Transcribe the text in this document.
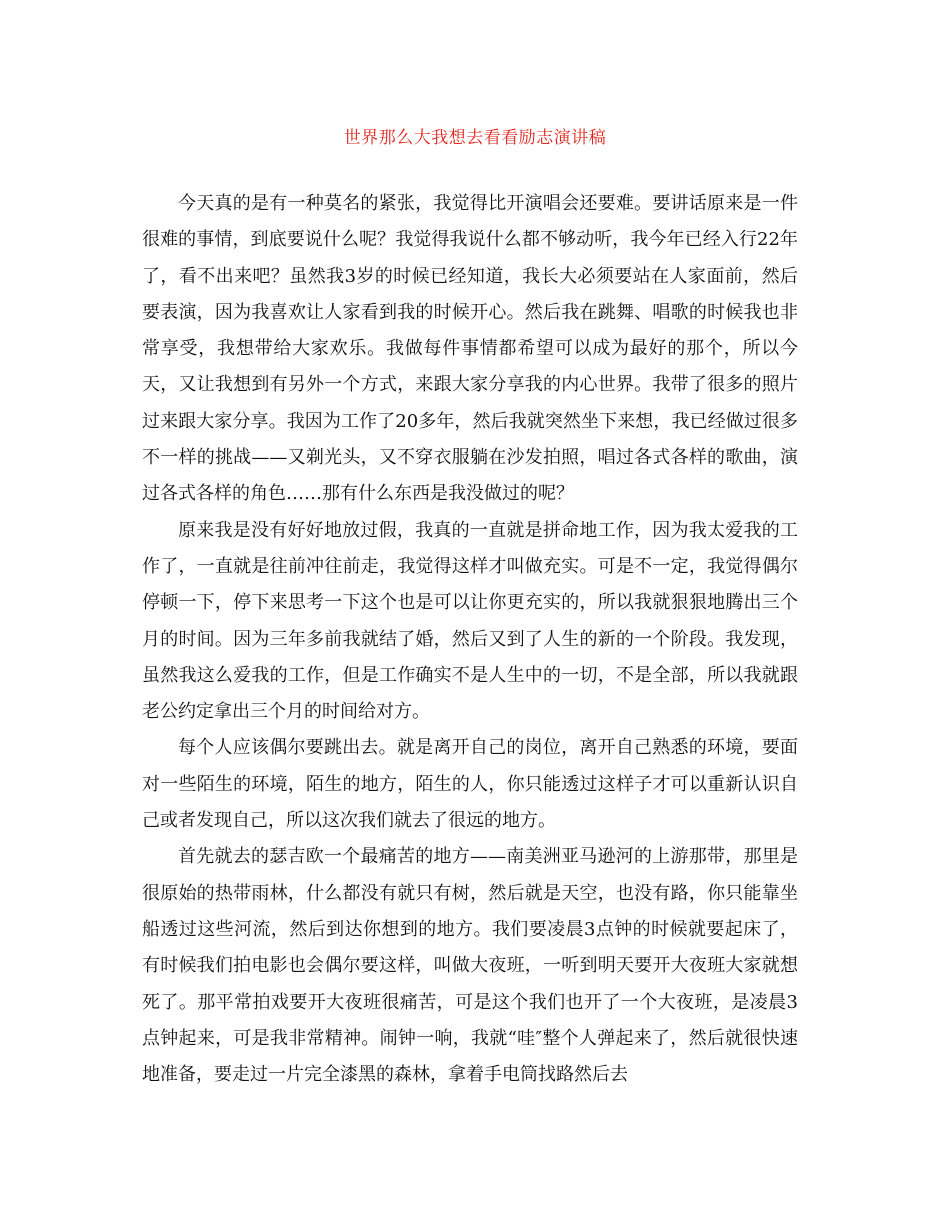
世界那么大我想去看看励志演讲稿

今天真的是有一种莫名的紧张，我觉得比开演唱会还要难。要讲话原来是一件很难的事情，到底要说什么呢？我觉得我说什么都不够动听，我今年已经入行22年了，看不出来吧？虽然我3岁的时候已经知道，我长大必须要站在人家面前，然后要表演，因为我喜欢让人家看到我的时候开心。然后我在跳舞、唱歌的时候我也非常享受，我想带给大家欢乐。我做每件事情都希望可以成为最好的那个，所以今天，又让我想到有另外一个方式，来跟大家分享我的内心世界。我带了很多的照片过来跟大家分享。我因为工作了20多年，然后我就突然坐下来想，我已经做过很多不一样的挑战——又剃光头，又不穿衣服躺在沙发拍照，唱过各式各样的歌曲，演过各式各样的角色……那有什么东西是我没做过的呢？

原来我是没有好好地放过假，我真的一直就是拼命地工作，因为我太爱我的工作了，一直就是往前冲往前走，我觉得这样才叫做充实。可是不一定，我觉得偶尔停顿一下，停下来思考一下这个也是可以让你更充实的，所以我就狠狠地腾出三个月的时间。因为三年多前我就结了婚，然后又到了人生的新的一个阶段。我发现，虽然我这么爱我的工作，但是工作确实不是人生中的一切，不是全部，所以我就跟老公约定拿出三个月的时间给对方。

每个人应该偶尔要跳出去。就是离开自己的岗位，离开自己熟悉的环境，要面对一些陌生的环境，陌生的地方，陌生的人，你只能透过这样子才可以重新认识自己或者发现自己，所以这次我们就去了很远的地方。

首先就去的瑟吉欧一个最痛苦的地方——南美洲亚马逊河的上游那带，那里是很原始的热带雨林，什么都没有就只有树，然后就是天空，也没有路，你只能靠坐船透过这些河流，然后到达你想到的地方。我们要凌晨3点钟的时候就要起床了，有时候我们拍电影也会偶尔要这样，叫做大夜班，一听到明天要开大夜班大家就想死了。那平常拍戏要开大夜班很痛苦，可是这个我们也开了一个大夜班，是凌晨3点钟起来，可是我非常精神。闹钟一响，我就“哇″整个人弹起来了，然后就很快速地准备，要走过一片完全漆黑的森林，拿着手电筒找路然后去
